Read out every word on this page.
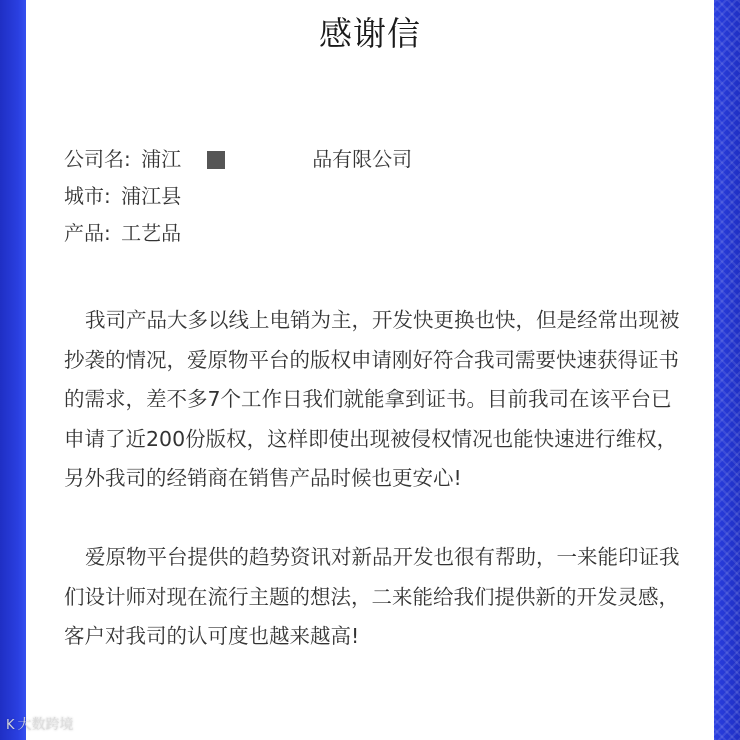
感谢信
公司名: 浦江	品有限公司
城市: 浦江县
产品: 工艺品

我司产品大多以线上电销为主，开发快更换也快，但是经常出现被抄袭的情况，爱原物平台的版权申请刚好符合我司需要快速获得证书的需求，差不多7个工作日我们就能拿到证书。目前我司在该平台已申请了近200份版权，这样即使出现被侵权情况也能快速进行维权，另外我司的经销商在销售产品时候也更安心!

爱原物平台提供的趋势资讯对新品开发也很有帮助，一来能印证我们设计师对现在流行主题的想法，二来能给我们提供新的开发灵感，客户对我司的认可度也越来越高!

K 大数跨境
